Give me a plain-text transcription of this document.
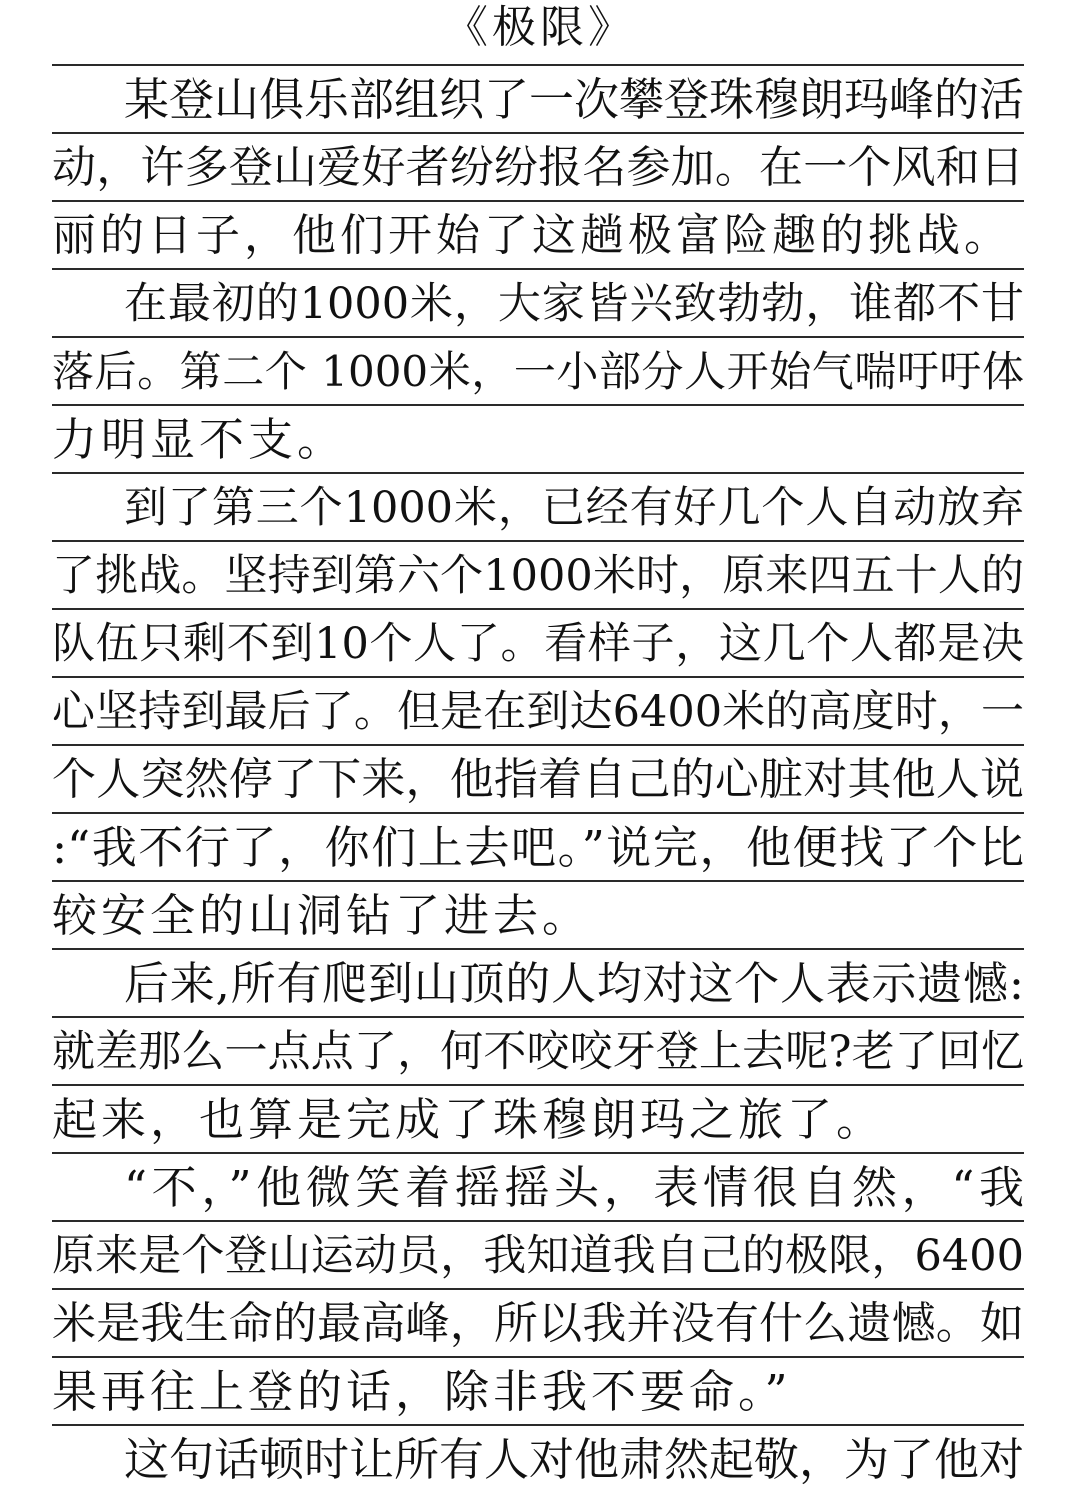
《极限》
某登山俱乐部组织了一次攀登珠穆朗玛峰的活
动，许多登山爱好者纷纷报名参加。在一个风和日
丽的日子，他们开始了这趟极富险趣的挑战。
在最初的1000米，大家皆兴致勃勃，谁都不甘
落后。第二个 1000米，一小部分人开始气喘吁吁体
力明显不支。
到了第三个1000米，已经有好几个人自动放弃
了挑战。坚持到第六个1000米时，原来四五十人的
队伍只剩不到10个人了。看样子，这几个人都是决
心坚持到最后了。但是在到达6400米的高度时，一
个人突然停了下来，他指着自己的心脏对其他人说
:“我不行了，你们上去吧。”说完，他便找了个比
较安全的山洞钻了进去。
后来,所有爬到山顶的人均对这个人表示遗憾:
就差那么一点点了，何不咬咬牙登上去呢?老了回忆
起来，也算是完成了珠穆朗玛之旅了。
“不，”他微笑着摇摇头，表情很自然，“我
原来是个登山运动员，我知道我自己的极限，6400
米是我生命的最高峰，所以我并没有什么遗憾。如
果再往上登的话，除非我不要命。”
这句话顿时让所有人对他肃然起敬，为了他对
